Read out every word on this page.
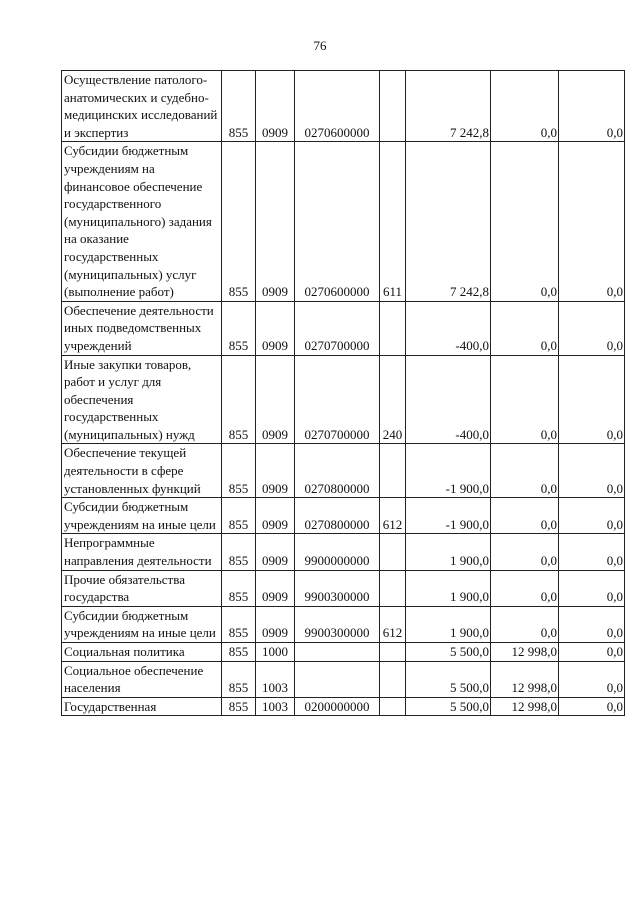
76
Осуществление патолого-анатомических и судебно-медицинских исследований и экспертиз	855	0909	0270600000		7 242,8	0,0	0,0
Субсидии бюджетным учреждениям на финансовое обеспечение государственного (муниципального) задания на оказание государственных (муниципальных) услуг (выполнение работ)	855	0909	0270600000	611	7 242,8	0,0	0,0
Обеспечение деятельности иных подведомственных учреждений	855	0909	0270700000		-400,0	0,0	0,0
Иные закупки товаров, работ и услуг для обеспечения государственных (муниципальных) нужд	855	0909	0270700000	240	-400,0	0,0	0,0
Обеспечение текущей деятельности в сфере установленных функций	855	0909	0270800000		-1 900,0	0,0	0,0
Субсидии бюджетным учреждениям на иные цели	855	0909	0270800000	612	-1 900,0	0,0	0,0
Непрограммные направления деятельности	855	0909	9900000000		1 900,0	0,0	0,0
Прочие обязательства государства	855	0909	9900300000		1 900,0	0,0	0,0
Субсидии бюджетным учреждениям на иные цели	855	0909	9900300000	612	1 900,0	0,0	0,0
Социальная политика	855	1000			5 500,0	12 998,0	0,0
Социальное обеспечение населения	855	1003			5 500,0	12 998,0	0,0
Государственная	855	1003	0200000000		5 500,0	12 998,0	0,0
